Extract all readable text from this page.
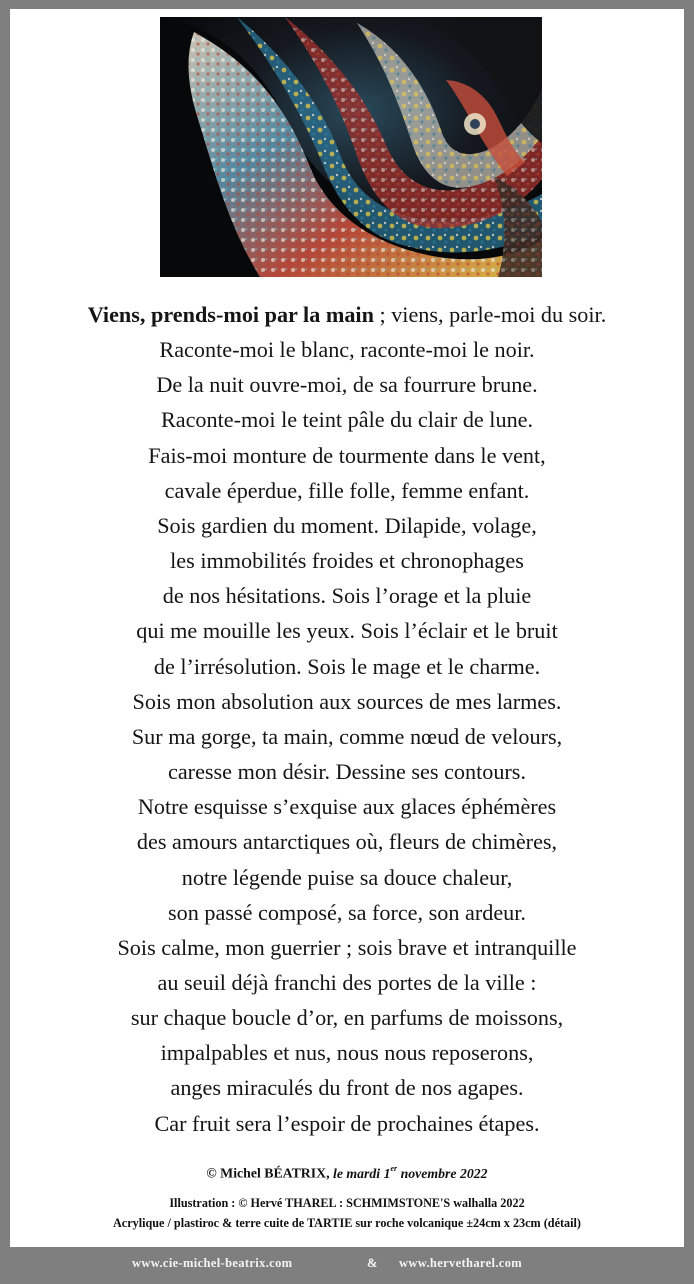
Viens, prends-moi par la main ; viens, parle-moi du soir.
Raconte-moi le blanc, raconte-moi le noir.
De la nuit ouvre-moi, de sa fourrure brune.
Raconte-moi le teint pâle du clair de lune.
Fais-moi monture de tourmente dans le vent,
cavale éperdue, fille folle, femme enfant.
Sois gardien du moment. Dilapide, volage,
les immobilités froides et chronophages
de nos hésitations. Sois l’orage et la pluie
qui me mouille les yeux. Sois l’éclair et le bruit
de l’irrésolution. Sois le mage et le charme.
Sois mon absolution aux sources de mes larmes.
Sur ma gorge, ta main, comme nœud de velours,
caresse mon désir. Dessine ses contours.
Notre esquisse s’exquise aux glaces éphémères
des amours antarctiques où, fleurs de chimères,
notre légende puise sa douce chaleur,
son passé composé, sa force, son ardeur.
Sois calme, mon guerrier ; sois brave et intranquille
au seuil déjà franchi des portes de la ville :
sur chaque boucle d’or, en parfums de moissons,
impalpables et nus, nous nous reposerons,
anges miraculés du front de nos agapes.
Car fruit sera l’espoir de prochaines étapes.
© Michel BÉATRIX, le mardi 1er novembre 2022
Illustration : © Hervé THAREL : SCHMIMSTONE'S walhalla 2022
Acrylique / plastiroc & terre cuite de TARTIE sur roche volcanique ±24cm x 23cm (détail)
www.cie-michel-beatrix.com	& www.hervetharel.com
